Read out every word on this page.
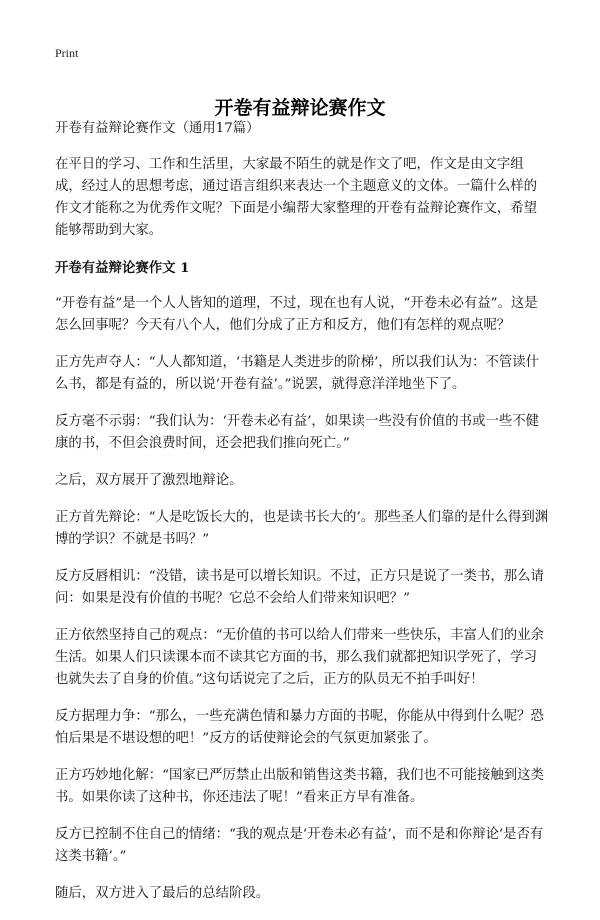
Print
开卷有益辩论赛作文

开卷有益辩论赛作文（通用17篇）

在平日的学习、工作和生活里，大家最不陌生的就是作文了吧，作文是由文字组成，经过人的思想考虑，通过语言组织来表达一个主题意义的文体。一篇什么样的作文才能称之为优秀作文呢？下面是小编帮大家整理的开卷有益辩论赛作文，希望能够帮助到大家。

开卷有益辩论赛作文 1

“开卷有益”是一个人人皆知的道理，不过，现在也有人说，“开卷未必有益”。这是怎么回事呢？今天有八个人，他们分成了正方和反方，他们有怎样的观点呢？

正方先声夺人：“人人都知道，‘书籍是人类进步的阶梯’，所以我们认为：不管读什么书，都是有益的，所以说‘开卷有益’。”说罢，就得意洋洋地坐下了。

反方毫不示弱：“我们认为：‘开卷未必有益’，如果读一些没有价值的书或一些不健康的书，不但会浪费时间，还会把我们推向死亡。”

之后，双方展开了激烈地辩论。

正方首先辩论：“人是吃饭长大的，也是读书长大的’。那些圣人们靠的是什么得到渊博的学识？不就是书吗？”

反方反唇相讥：“没错，读书是可以增长知识。不过，正方只是说了一类书，那么请问：如果是没有价值的书呢？它总不会给人们带来知识吧？”

正方依然坚持自己的观点：“无价值的书可以给人们带来一些快乐，丰富人们的业余生活。如果人们只读课本而不读其它方面的书，那么我们就都把知识学死了，学习也就失去了自身的价值。”这句话说完了之后，正方的队员无不拍手叫好！

反方据理力争：“那么，一些充满色情和暴力方面的书呢，你能从中得到什么呢？恐怕后果是不堪设想的吧！”反方的话使辩论会的气氛更加紧张了。

正方巧妙地化解：“国家已严厉禁止出版和销售这类书籍，我们也不可能接触到这类书。如果你读了这种书，你还违法了呢！”看来正方早有准备。

反方已控制不住自己的情绪：“我的观点是‘开卷未必有益’，而不是和你辩论‘是否有这类书籍’。”

随后，双方进入了最后的总结阶段。
